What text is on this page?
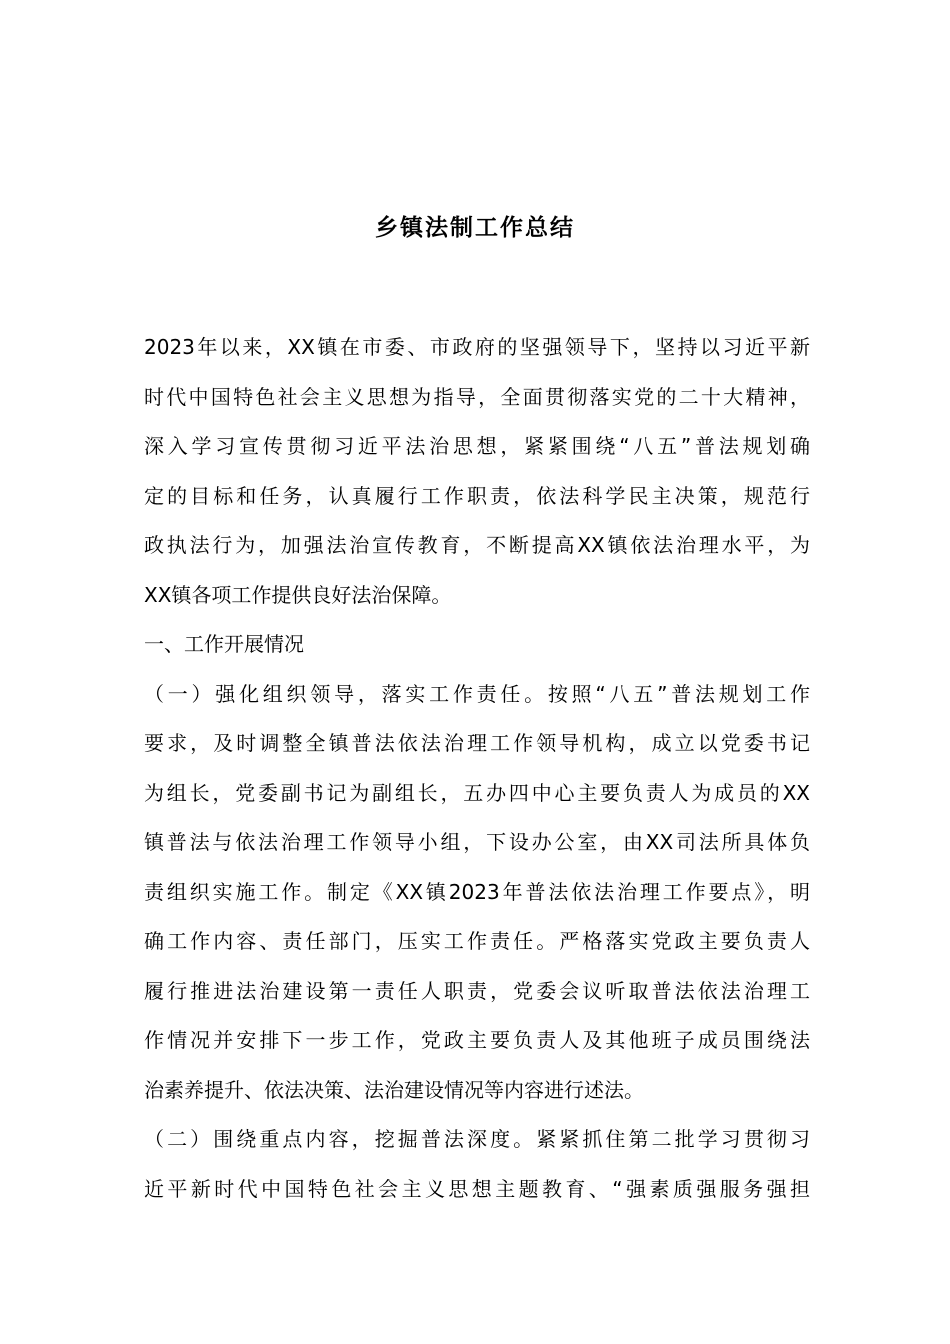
乡镇法制工作总结
2023年以来，XX镇在市委、市政府的坚强领导下，坚持以习近平新
时代中国特色社会主义思想为指导，全面贯彻落实党的二十大精神，
深入学习宣传贯彻习近平法治思想，紧紧围绕“八五”普法规划确
定的目标和任务，认真履行工作职责，依法科学民主决策，规范行
政执法行为，加强法治宣传教育，不断提高XX镇依法治理水平，为
XX镇各项工作提供良好法治保障。
一、工作开展情况
（一）强化组织领导，落实工作责任。按照“八五”普法规划工作
要求，及时调整全镇普法依法治理工作领导机构，成立以党委书记
为组长，党委副书记为副组长，五办四中心主要负责人为成员的XX
镇普法与依法治理工作领导小组，下设办公室，由XX司法所具体负
责组织实施工作。制定《XX镇2023年普法依法治理工作要点》，明
确工作内容、责任部门，压实工作责任。严格落实党政主要负责人
履行推进法治建设第一责任人职责，党委会议听取普法依法治理工
作情况并安排下一步工作，党政主要负责人及其他班子成员围绕法
治素养提升、依法决策、法治建设情况等内容进行述法。
（二）围绕重点内容，挖掘普法深度。紧紧抓住第二批学习贯彻习
近平新时代中国特色社会主义思想主题教育、“强素质强服务强担
